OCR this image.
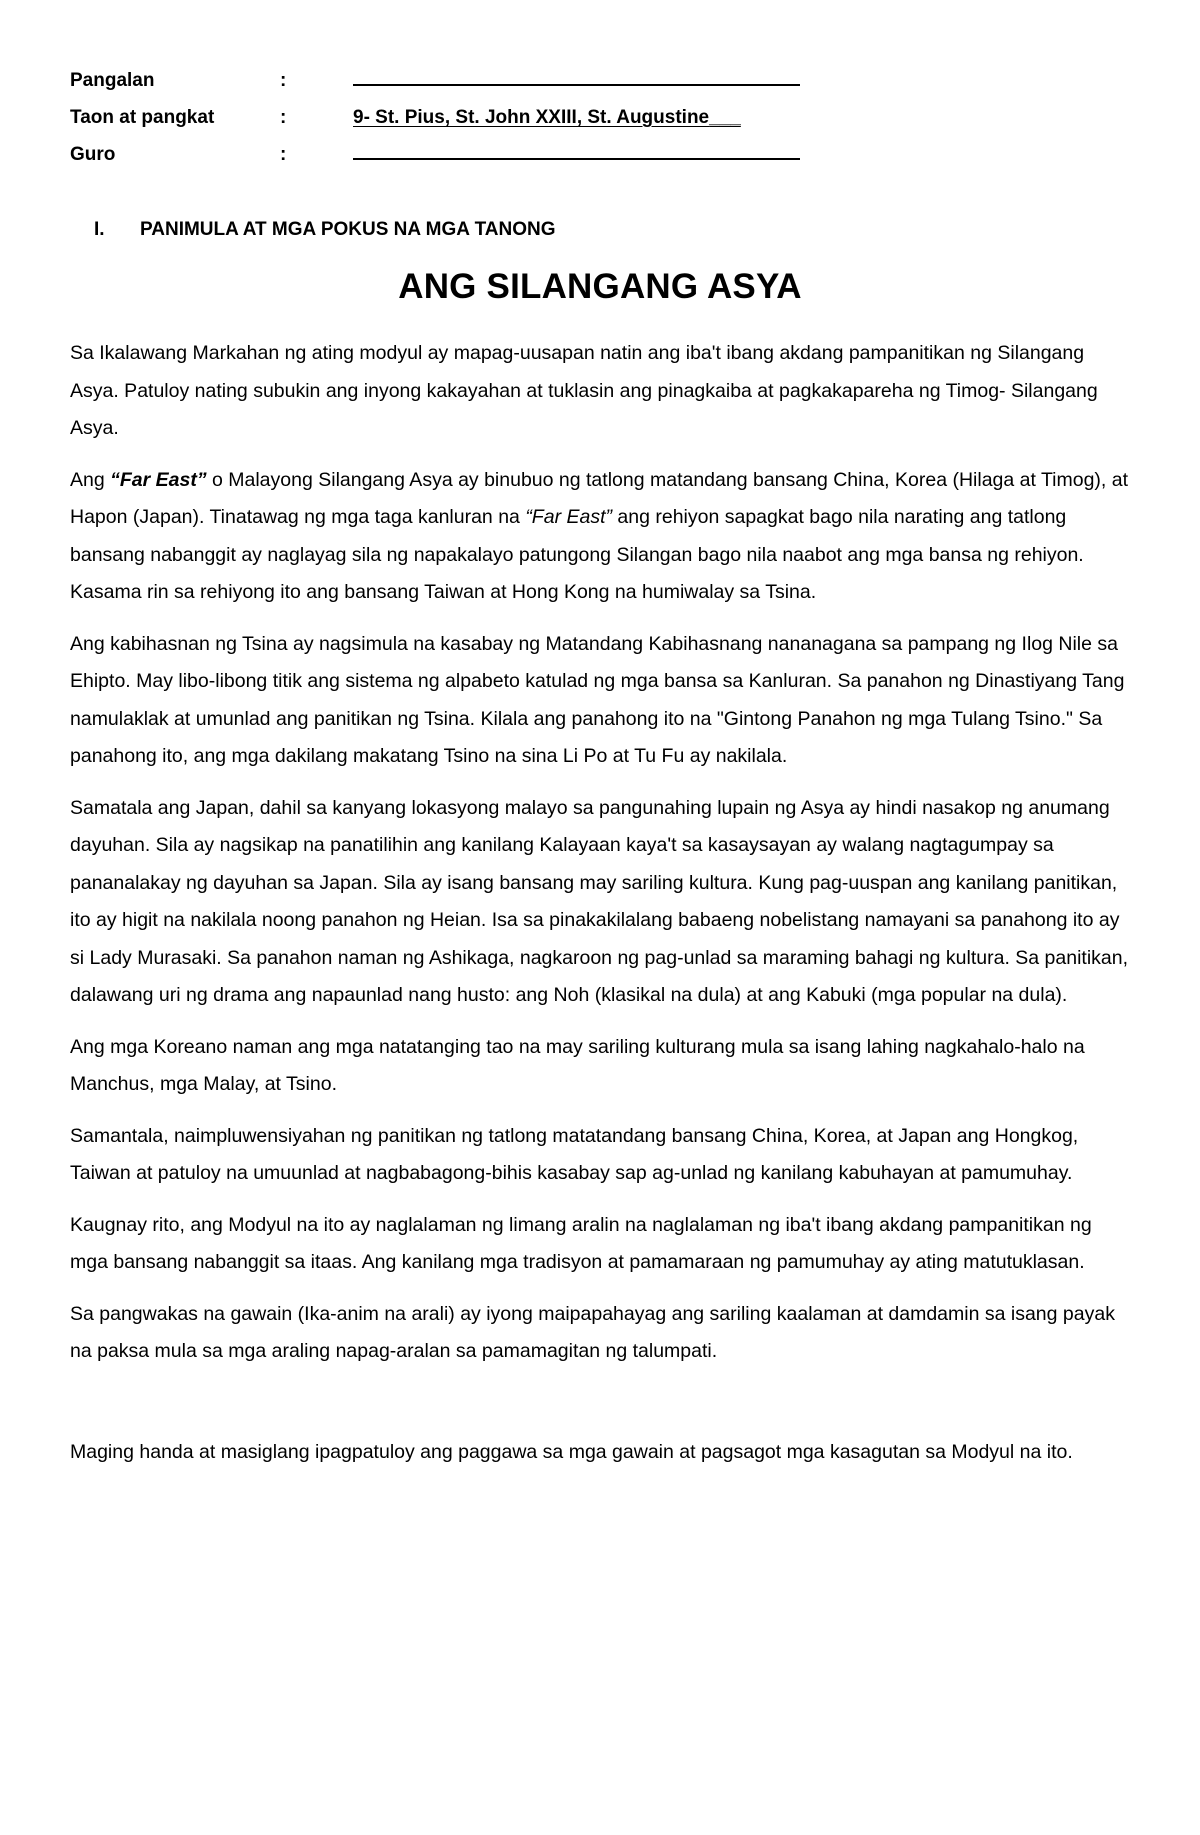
Pangalan	:
Taon at pangkat	:	9- St. Pius, St. John XXIII, St. Augustine___
Guro	:
I.	PANIMULA AT MGA POKUS NA MGA TANONG
ANG SILANGANG ASYA

Sa Ikalawang Markahan ng ating modyul ay mapag-uusapan natin ang iba't ibang akdang pampanitikan ng Silangang Asya. Patuloy nating subukin ang inyong kakayahan at tuklasin ang pinagkaiba at pagkakapareha ng Timog- Silangang Asya.

Ang “Far East” o Malayong Silangang Asya ay binubuo ng tatlong matandang bansang China, Korea (Hilaga at Timog), at Hapon (Japan). Tinatawag ng mga taga kanluran na “Far East” ang rehiyon sapagkat bago nila narating ang tatlong bansang nabanggit ay naglayag sila ng napakalayo patungong Silangan bago nila naabot ang mga bansa ng rehiyon. Kasama rin sa rehiyong ito ang bansang Taiwan at Hong Kong na humiwalay sa Tsina.

Ang kabihasnan ng Tsina ay nagsimula na kasabay ng Matandang Kabihasnang nananagana sa pampang ng Ilog Nile sa Ehipto. May libo-libong titik ang sistema ng alpabeto katulad ng mga bansa sa Kanluran. Sa panahon ng Dinastiyang Tang namulaklak at umunlad ang panitikan ng Tsina. Kilala ang panahong ito na "Gintong Panahon ng mga Tulang Tsino." Sa panahong ito, ang mga dakilang makatang Tsino na sina Li Po at Tu Fu ay nakilala.

Samatala ang Japan, dahil sa kanyang lokasyong malayo sa pangunahing lupain ng Asya ay hindi nasakop ng anumang dayuhan. Sila ay nagsikap na panatilihin ang kanilang Kalayaan kaya't sa kasaysayan ay walang nagtagumpay sa pananalakay ng dayuhan sa Japan. Sila ay isang bansang may sariling kultura. Kung pag-uuspan ang kanilang panitikan, ito ay higit na nakilala noong panahon ng Heian. Isa sa pinakakilalang babaeng nobelistang namayani sa panahong ito ay si Lady Murasaki. Sa panahon naman ng Ashikaga, nagkaroon ng pag-unlad sa maraming bahagi ng kultura. Sa panitikan, dalawang uri ng drama ang napaunlad nang husto: ang Noh (klasikal na dula) at ang Kabuki (mga popular na dula).

Ang mga Koreano naman ang mga natatanging tao na may sariling kulturang mula sa isang lahing nagkahalo-halo na Manchus, mga Malay, at Tsino.

Samantala, naimpluwensiyahan ng panitikan ng tatlong matatandang bansang China, Korea, at Japan ang Hongkog, Taiwan at patuloy na umuunlad at nagbabagong-bihis kasabay sap ag-unlad ng kanilang kabuhayan at pamumuhay.

Kaugnay rito, ang Modyul na ito ay naglalaman ng limang aralin na naglalaman ng iba't ibang akdang pampanitikan ng mga bansang nabanggit sa itaas. Ang kanilang mga tradisyon at pamamaraan ng pamumuhay ay ating matutuklasan.

Sa pangwakas na gawain (Ika-anim na arali) ay iyong maipapahayag ang sariling kaalaman at damdamin sa isang payak na paksa mula sa mga araling napag-aralan sa pamamagitan ng talumpati.

Maging handa at masiglang ipagpatuloy ang paggawa sa mga gawain at pagsagot mga kasagutan sa Modyul na ito.
